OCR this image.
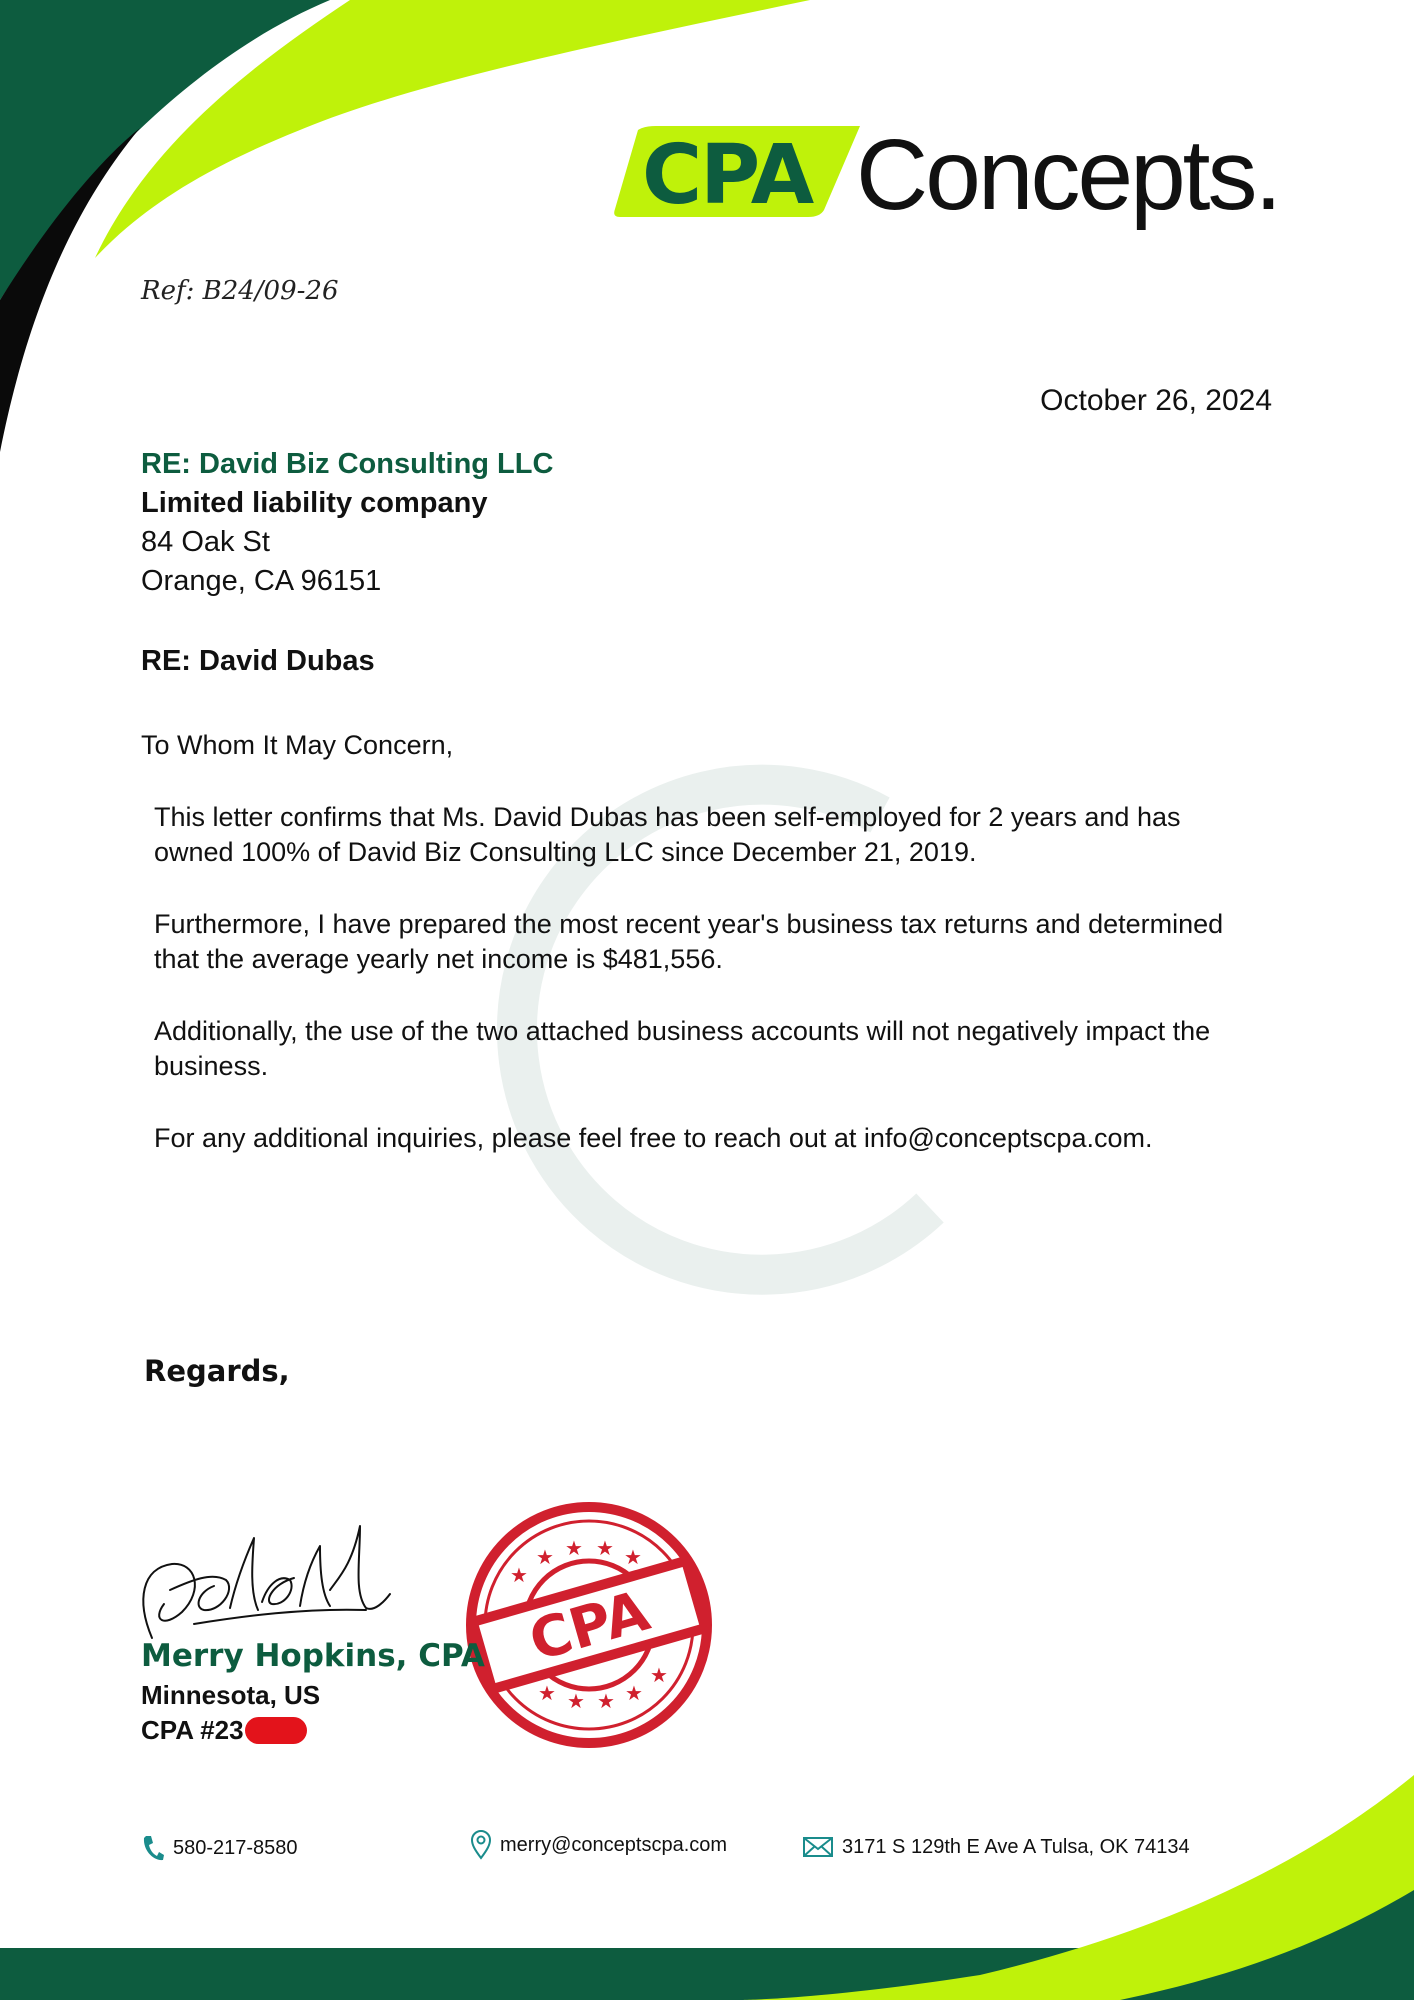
CPA Concepts.
Ref: B24/09-26
October 26, 2024
RE: David Biz Consulting LLC
Limited liability company
84 Oak St
Orange, CA 96151
RE: David Dubas
To Whom It May Concern,
This letter confirms that Ms. David Dubas has been self-employed for 2 years and has owned 100% of David Biz Consulting LLC since December 21, 2019.
Furthermore, I have prepared the most recent year's business tax returns and determined that the average yearly net income is $481,556.
Additionally, the use of the two attached business accounts will not negatively impact the business.
For any additional inquiries, please feel free to reach out at info@conceptscpa.com.
Regards,
★
★ ★ ★ ★
★ ★ ★ ★
★
CPA
Merry Hopkins, CPA
Minnesota, US
CPA #23
580-217-8580	merry@conceptscpa.com	3171 S 129th E Ave A Tulsa, OK 74134
